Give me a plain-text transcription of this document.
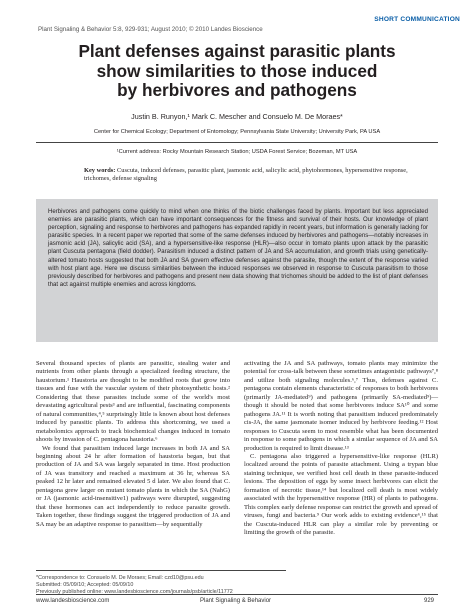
SHORT COMMUNICATION
Plant Signaling & Behavior 5:8, 929-931; August 2010; © 2010 Landes Bioscience
Plant defenses against parasitic plants
show similarities to those induced
by herbivores and pathogens
Justin B. Runyon,¹ Mark C. Mescher and Consuelo M. De Moraes*
Center for Chemical Ecology; Department of Entomology; Pennsylvania State University; University Park, PA USA
¹Current address: Rocky Mountain Research Station; USDA Forest Service; Bozeman, MT USA
Key words: Cuscuta, induced defenses, parasitic plant, jasmonic acid, salicylic acid, phytohormones, hypersensitive response, trichomes, defense signaling
Herbivores and pathogens come quickly to mind when one thinks of the biotic challenges faced by plants. Important but less appreciated enemies are parasitic plants, which can have important consequences for the fitness and survival of their hosts. Our knowledge of plant perception, signaling and response to herbivores and pathogens has expanded rapidly in recent years, but information is generally lacking for parasitic species. In a recent paper we reported that some of the same defenses induced by herbivores and pathogens—notably increases in jasmonic acid (JA), salicylic acid (SA), and a hypersensitive-like response (HLR)—also occur in tomato plants upon attack by the parasitic plant Cuscuta pentagona (field dodder). Parasitism induced a distinct pattern of JA and SA accumulation, and growth trials using genetically-altered tomato hosts suggested that both JA and SA govern effective defenses against the parasite, though the extent of the response varied with host plant age. Here we discuss similarities between the induced responses we observed in response to Cuscuta parasitism to those previously described for herbivores and pathogens and present new data showing that trichomes should be added to the list of plant defenses that act against multiple enemies and across kingdoms.

Several thousand species of plants are parasitic, stealing water and nutrients from other plants through a specialized feeding structure, the haustorium.¹ Haustoria are thought to be modified roots that grow into tissues and fuse with the vascular system of their photosynthetic hosts.² Considering that these parasites include some of the world's most devastating agricultural pests³ and are influential, fascinating components of natural communities,⁴,⁵ surprisingly little is known about host defenses induced by parasitic plants. To address this shortcoming, we used a metabolomics approach to track biochemical changes induced in tomato shoots by invasion of C. pentagona haustoria.⁶

We found that parasitism induced large increases in both JA and SA beginning about 24 hr after formation of haustoria began, but that production of JA and SA was largely separated in time. Host production of JA was transitory and reached a maximum at 36 hr, whereas SA peaked 12 hr later and remained elevated 5 d later. We also found that C. pentagona grew larger on mutant tomato plants in which the SA (NahG) or JA (jasmonic acid-insensitive1) pathways were disrupted, suggesting that these hormones can act independently to reduce parasite growth. Taken together, these findings suggest the triggered production of JA and SA may be an adaptive response to parasitism—by sequentially

activating the JA and SA pathways, tomato plants may minimize the potential for cross-talk between these sometimes antagonistic pathways⁷,⁸ and utilize both signaling molecules.⁶,⁷ Thus, defenses against C. pentagona contain elements characteristic of responses to both herbivores (primarily JA-mediated⁹) and pathogens (primarily SA-mediated⁹)—though it should be noted that some herbivores induce SA¹⁰ and some pathogens JA.¹¹ It is worth noting that parasitism induced predominately cis-JA, the same jasmonate isomer induced by herbivore feeding.¹² Host responses to Cuscuta seem to most resemble what has been documented in response to some pathogens in which a similar sequence of JA and SA production is required to limit disease.¹³

C. pentagona also triggered a hypersensitive-like response (HLR) localized around the points of parasite attachment. Using a trypan blue staining technique, we verified host cell death in these parasite-induced lesions. The deposition of eggs by some insect herbivores can elicit the formation of necrotic tissue,¹⁴ but localized cell death is most widely associated with the hypersensitive response (HR) of plants to pathogens. This complex early defense response can restrict the growth and spread of viruses, fungi and bacteria.⁹ Our work adds to existing evidence⁶,¹⁵ that the Cuscuta-induced HLR can play a similar role by preventing or limiting the growth of the parasite.

*Correspondence to: Consuelo M. De Moraes; Email: czd10@psu.edu
Submitted: 05/09/10; Accepted: 05/09/10
Previously published online: www.landesbioscience.com/journals/psb/article/11772
www.landesbioscience.com	Plant Signaling & Behavior	929
